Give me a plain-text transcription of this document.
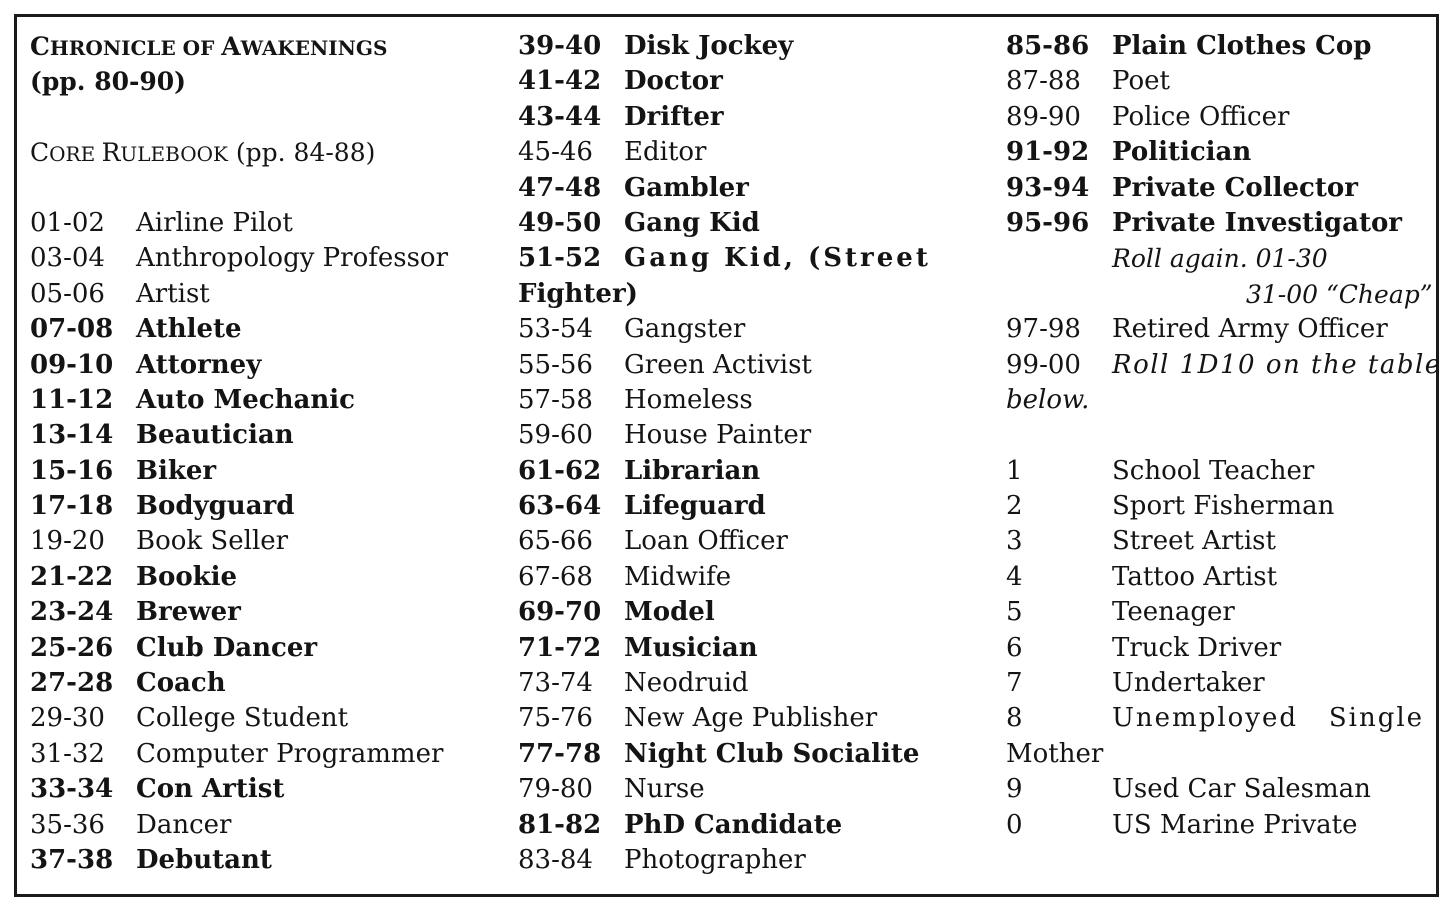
CHRONICLE OF AWAKENINGS
(pp. 80-90)
CORE RULEBOOK (pp. 84-88)
01-02 Airline Pilot
03-04 Anthropology Professor
05-06 Artist
07-08 Athlete
09-10 Attorney
11-12 Auto Mechanic
13-14 Beautician
15-16 Biker
17-18 Bodyguard
19-20 Book Seller
21-22 Bookie
23-24 Brewer
25-26 Club Dancer
27-28 Coach
29-30 College Student
31-32 Computer Programmer
33-34 Con Artist
35-36 Dancer
37-38 Debutant
39-40 Disk Jockey
41-42 Doctor
43-44 Drifter
45-46 Editor
47-48 Gambler
49-50 Gang Kid
51-52 Gang Kid, (Street
Fighter)
53-54 Gangster
55-56 Green Activist
57-58 Homeless
59-60 House Painter
61-62 Librarian
63-64 Lifeguard
65-66 Loan Officer
67-68 Midwife
69-70 Model
71-72 Musician
73-74 Neodruid
75-76 New Age Publisher
77-78 Night Club Socialite
79-80 Nurse
81-82 PhD Candidate
83-84 Photographer
85-86 Plain Clothes Cop
87-88 Poet
89-90 Police Officer
91-92 Politician
93-94 Private Collector
95-96 Private Investigator
Roll again. 01-30
31-00 “Cheap”
97-98 Retired Army Officer
99-00 Roll 1D10 on the table
below.
1	School Teacher
2	Sport Fisherman
3	Street Artist
4	Tattoo Artist
5	Teenager
6	Truck Driver
7	Undertaker
8	Unemployed   Single
Mother
9	Used Car Salesman
0	US Marine Private
